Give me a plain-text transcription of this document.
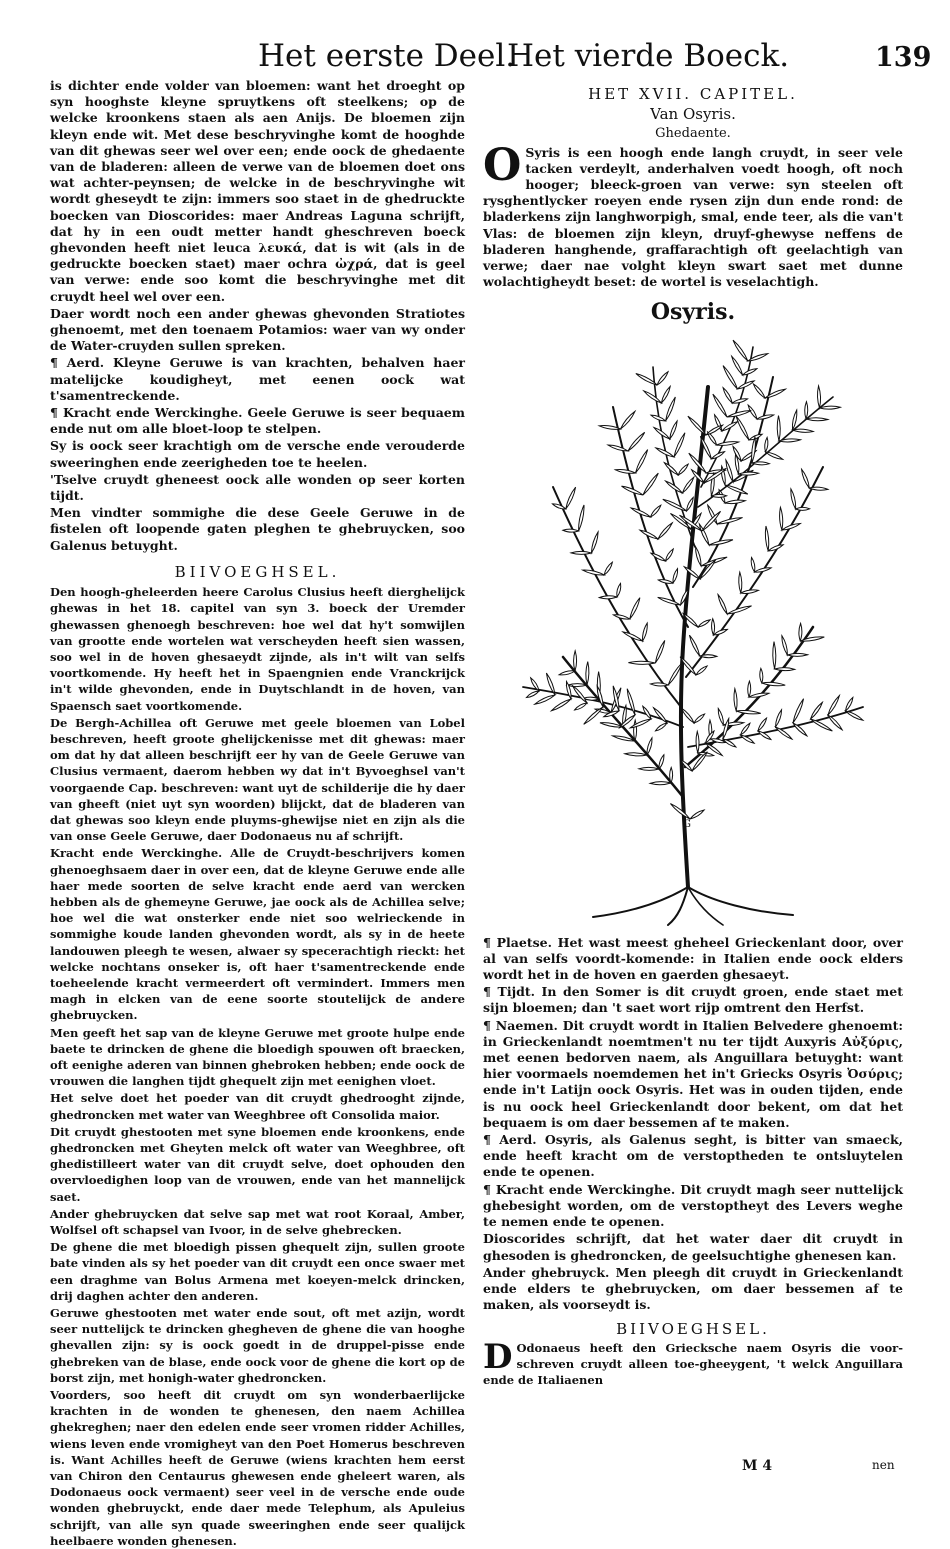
Het eerste Deel.
Het vierde Boeck.	139

is dichter ende volder van bloemen: want het droeght op syn hooghste kleyne spruytkens oft steelkens; op de welcke kroonkens staen als aen Anijs. De bloemen zijn kleyn ende wit. Met dese beschryvinghe komt de hooghde van dit ghewas seer wel over een; ende oock de ghedaente van de bladeren: alleen de verwe van de bloemen doet ons wat achter-peynsen; de welcke in de beschryvinghe wit wordt gheseydt te zijn: immers soo staet in de ghedruckte boecken van Dioscorides: maer Andreas Laguna schrijft, dat hy in een oudt metter handt gheschreven boeck ghevonden heeft niet leuca λευκά, dat is wit (als in de gedruckte boecken staet) maer ochra ὠχρά, dat is geel van verwe: ende soo komt die beschryvinghe met dit cruydt heel wel over een.

Daer wordt noch een ander ghewas ghevonden Stratiotes ghenoemt, met den toenaem Potamios: waer van wy onder de Water-cruyden sullen spreken.

¶ Aerd. Kleyne Geruwe is van krachten, behalven haer matelijcke koudigheyt, met eenen oock wat t'samentreckende.

¶ Kracht ende Werckinghe. Geele Geruwe is seer bequaem ende nut om alle bloet-loop te stelpen.

Sy is oock seer krachtigh om de versche ende verouderde sweeringhen ende zeerigheden toe te heelen.

'Tselve cruydt gheneest oock alle wonden op seer korten tijdt.

Men vindter sommighe die dese Geele Geruwe in de fistelen oft loopende gaten pleghen te ghebruycken, soo Galenus betuyght.

BIIVOEGHSEL.

Den hoogh-gheleerden heere Carolus Clusius heeft dierghelijck ghewas in het 18. capitel van syn 3. boeck der Uremder ghewassen ghenoegh beschreven: hoe wel dat hy't somwijlen van grootte ende wortelen wat verscheyden heeft sien wassen, soo wel in de hoven ghesaeydt zijnde, als in't wilt van selfs voortkomende. Hy heeft het in Spaengnien ende Vranckrijck in't wilde ghevonden, ende in Duytschlandt in de hoven, van Spaensch saet voortkomende.

De Bergh-Achillea oft Geruwe met geele bloemen van Lobel beschreven, heeft groote ghelijckenisse met dit ghewas: maer om dat hy dat alleen beschrijft eer hy van de Geele Geruwe van Clusius vermaent, daerom hebben wy dat in't Byvoeghsel van't voorgaende Cap. beschreven: want uyt de schilderije die hy daer van gheeft (niet uyt syn woorden) blijckt, dat de bladeren van dat ghewas soo kleyn ende pluyms-ghewijse niet en zijn als die van onse Geele Geruwe, daer Dodonaeus nu af schrijft.

Kracht ende Werckinghe. Alle de Cruydt-beschrijvers komen ghenoeghsaem daer in over een, dat de kleyne Geruwe ende alle haer mede soorten de selve kracht ende aerd van wercken hebben als de ghemeyne Geruwe, jae oock als de Achillea selve; hoe wel die wat onsterker ende niet soo welrieckende in sommighe koude landen ghevonden wordt, als sy in de heete landouwen pleegh te wesen, alwaer sy specerachtigh rieckt: het welcke nochtans onseker is, oft haer t'samentreckende ende toeheelende kracht vermeerdert oft vermindert. Immers men magh in elcken van de eene soorte stoutelijck de andere ghebruycken.

Men geeft het sap van de kleyne Geruwe met groote hulpe ende baete te drincken de ghene die bloedigh spouwen oft braecken, oft eenighe aderen van binnen ghebroken hebben; ende oock de vrouwen die langhen tijdt ghequelt zijn met eenighen vloet.

Het selve doet het poeder van dit cruydt ghedrooght zijnde, ghedroncken met water van Weeghbree oft Consolida maior.

Dit cruydt ghestooten met syne bloemen ende kroonkens, ende ghedroncken met Gheyten melck oft water van Weeghbree, oft ghedistilleert water van dit cruydt selve, doet ophouden den overvloedighen loop van de vrouwen, ende van het mannelijck saet.

Ander ghebruycken dat selve sap met wat root Koraal, Amber, Wolfsel oft schapsel van Ivoor, in de selve ghebrecken.

De ghene die met bloedigh pissen ghequelt zijn, sullen groote bate vinden als sy het poeder van dit cruydt een once swaer met een draghme van Bolus Armena met koeyen-melck drincken, drij daghen achter den anderen.

Geruwe ghestooten met water ende sout, oft met azijn, wordt seer nuttelijck te drincken ghegheven de ghene die van hooghe ghevallen zijn: sy is oock goedt in de druppel-pisse ende ghebreken van de blase, ende oock voor de ghene die kort op de borst zijn, met honigh-water ghedroncken.

Voorders, soo heeft dit cruydt om syn wonderbaerlijcke krachten in de wonden te ghenesen, den naem Achillea ghekreghen; naer den edelen ende seer vromen ridder Achilles, wiens leven ende vromigheyt van den Poet Homerus beschreven is. Want Achilles heeft de Geruwe (wiens krachten hem eerst van Chiron den Centaurus ghewesen ende gheleert waren, als Dodonaeus oock vermaent) seer veel in de versche ende oude wonden ghebruyckt, ende daer mede Telephum, als Apuleius schrijft, van alle syn quade sweeringhen ende seer qualijck heelbaere wonden ghenesen.

HET XVII. CAPITEL.
Van Osyris.
Ghedaente.

O Syris is een hoogh ende langh cruydt, in seer vele tacken verdeylt, anderhalven voedt hoogh, oft noch hooger; bleeck-groen van verwe: syn steelen oft rysghentlycker roeyen ende rysen zijn dun ende rond: de bladerkens zijn langhworpigh, smal, ende teer, als die van't Vlas: de bloemen zijn kleyn, druyf-ghewyse neffens de bladeren hanghende, graffarachtigh oft geelachtigh van verwe; daer nae volght kleyn swart saet met dunne wolachtigheydt beset: de wortel is veselachtigh.

Osyris.
G

¶ Plaetse. Het wast meest gheheel Grieckenlant door, over al van selfs voordt-komende: in Italien ende oock elders wordt het in de hoven en gaerden ghesaeyt.

¶ Tijdt. In den Somer is dit cruydt groen, ende staet met sijn bloemen; dan 't saet wort rijp omtrent den Herfst.

¶ Naemen. Dit cruydt wordt in Italien Belvedere ghenoemt: in Grieckenlandt noemtmen't nu ter tijdt Auxyris Αὐξύρις, met eenen bedorven naem, als Anguillara betuyght: want hier voormaels noemdemen het in't Griecks Osyris Ὀσύρις; ende in't Latijn oock Osyris. Het was in ouden tijden, ende is nu oock heel Grieckenlandt door bekent, om dat het bequaem is om daer bessemen af te maken.

¶ Aerd. Osyris, als Galenus seght, is bitter van smaeck, ende heeft kracht om de verstoptheden te ontsluytelen ende te openen.

¶ Kracht ende Werckinghe. Dit cruydt magh seer nuttelijck ghebesight worden, om de verstoptheyt des Levers weghe te nemen ende te openen.

Dioscorides schrijft, dat het water daer dit cruydt in ghesoden is ghedroncken, de geelsuchtighe ghenesen kan.

Ander ghebruyck. Men pleegh dit cruydt in Grieckenlandt ende elders te ghebruycken, om daer bessemen af te maken, als voorseydt is.

BIIVOEGHSEL.

D Odonaeus heeft den Griecksche naem Osyris die voor-schreven cruydt alleen toe-gheeygent, 't welck Anguillara ende de Italiaenen

M 4	nen
